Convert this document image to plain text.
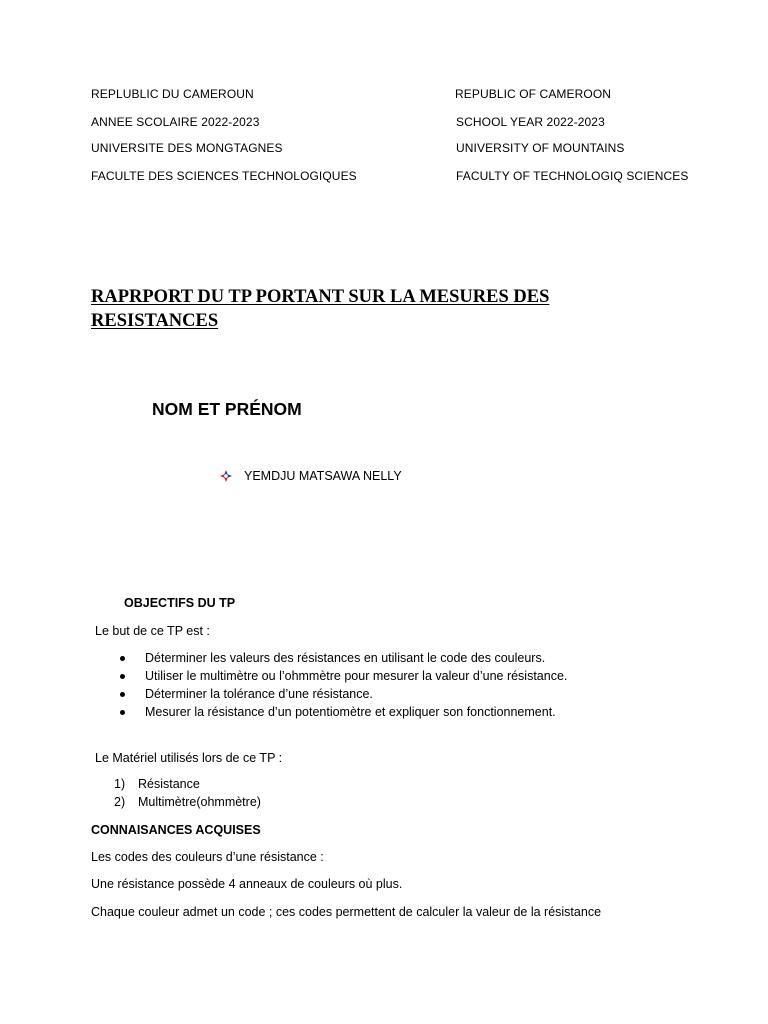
REPLUBLIC DU CAMEROUN
ANNEE SCOLAIRE 2022-2023
UNIVERSITE DES MONGTAGNES
FACULTE DES SCIENCES TECHNOLOGIQUES
REPUBLIC OF CAMEROON
SCHOOL YEAR 2022-2023
UNIVERSITY OF MOUNTAINS
FACULTY OF TECHNOLOGIQ SCIENCES
RAPRPORT DU TP PORTANT SUR LA MESURES DES
RESISTANCES
NOM ET PRÉNOM
YEMDJU MATSAWA NELLY
OBJECTIFS DU TP
Le but de ce TP est :
Déterminer les valeurs des résistances en utilisant le code des couleurs.
Utiliser le multimètre ou l’ohmmètre pour mesurer la valeur d’une résistance.
Déterminer la tolérance d’une résistance.
Mesurer la résistance d’un potentiomètre et expliquer son fonctionnement.
Le Matériel utilisés lors de ce TP :
1) Résistance
2) Multimètre(ohmmètre)
CONNAISANCES ACQUISES
Les codes des couleurs d’une résistance :
Une résistance possède 4 anneaux de couleurs où plus.
Chaque couleur admet un code ; ces codes permettent de calculer la valeur de la résistance
